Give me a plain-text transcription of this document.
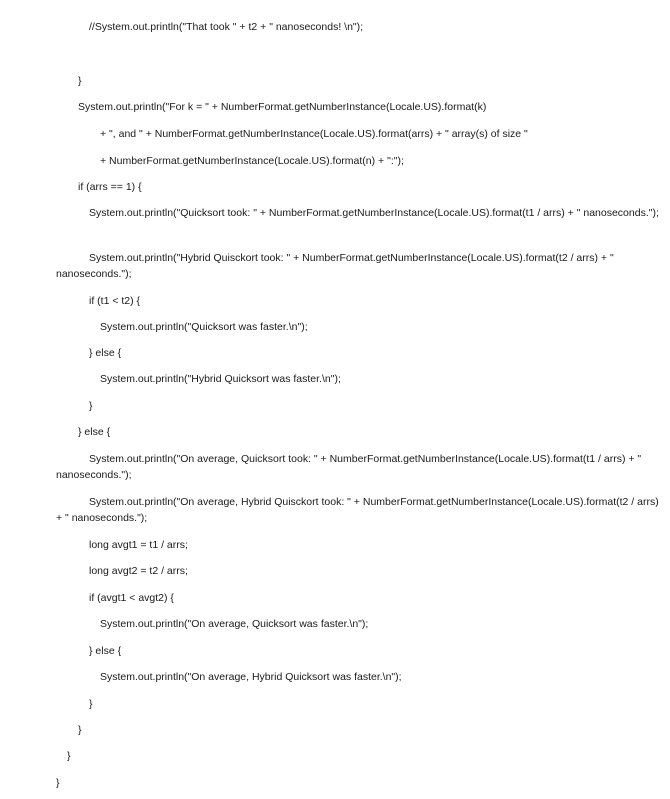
//System.out.println("That took " + t2 + " nanoseconds! \n");
}
System.out.println("For k = " + NumberFormat.getNumberInstance(Locale.US).format(k)
+ ", and " + NumberFormat.getNumberInstance(Locale.US).format(arrs) + " array(s) of size "
+ NumberFormat.getNumberInstance(Locale.US).format(n) + ":");
if (arrs == 1) {
System.out.println("Quicksort took: " + NumberFormat.getNumberInstance(Locale.US).format(t1 / arrs) + " nanoseconds.");
System.out.println("Hybrid Quisckort took: " + NumberFormat.getNumberInstance(Locale.US).format(t2 / arrs) + " nanoseconds.");
if (t1 < t2) {
System.out.println("Quicksort was faster.\n");
} else {
System.out.println("Hybrid Quicksort was faster.\n");
}
} else {
System.out.println("On average, Quicksort took: " + NumberFormat.getNumberInstance(Locale.US).format(t1 / arrs) + " nanoseconds.");
System.out.println("On average, Hybrid Quisckort took: " + NumberFormat.getNumberInstance(Locale.US).format(t2 / arrs) + " nanoseconds.");
long avgt1 = t1 / arrs;
long avgt2 = t2 / arrs;
if (avgt1 < avgt2) {
System.out.println("On average, Quicksort was faster.\n");
} else {
System.out.println("On average, Hybrid Quicksort was faster.\n");
}
}
}
}
